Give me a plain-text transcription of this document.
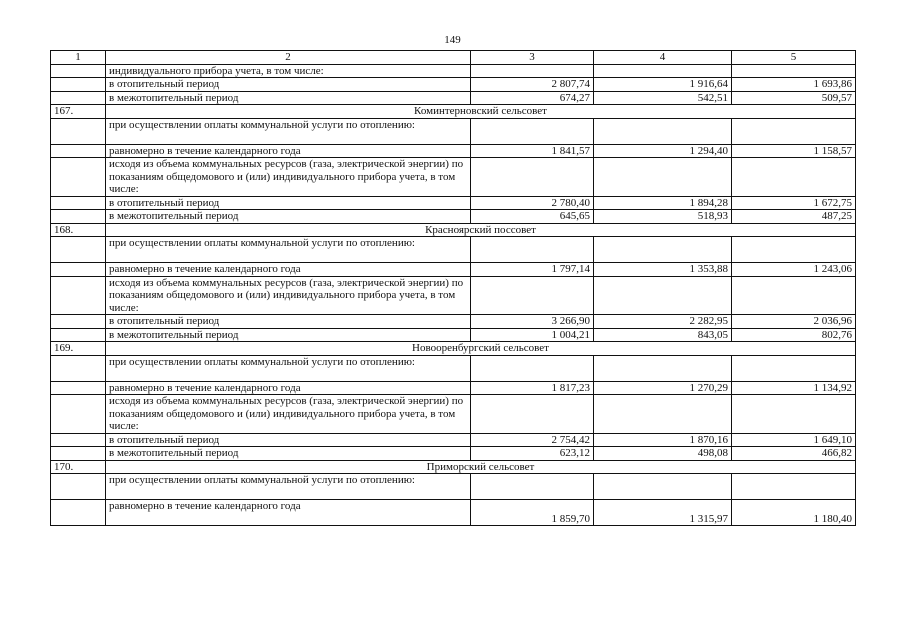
149
1	2	3	4	5
	индивидуального прибора учета, в том числе:			
	в отопительный период	2 807,74	1 916,64	1 693,86
	в межотопительный период	674,27	542,51	509,57
167.	Коминтерновский сельсовет			
	при осуществлении оплаты коммунальной услуги по отоплению:			
	равномерно в течение календарного года	1 841,57	1 294,40	1 158,57
	исходя из объема коммунальных ресурсов (газа, электрической энергии) по показаниям общедомового и (или) индивидуального прибора учета, в том числе:			
	в отопительный период	2 780,40	1 894,28	1 672,75
	в межотопительный период	645,65	518,93	487,25
168.	Красноярский поссовет			
	при осуществлении оплаты коммунальной услуги по отоплению:			
	равномерно в течение календарного года	1 797,14	1 353,88	1 243,06
	исходя из объема коммунальных ресурсов (газа, электрической энергии) по показаниям общедомового и (или) индивидуального прибора учета, в том числе:			
	в отопительный период	3 266,90	2 282,95	2 036,96
	в межотопительный период	1 004,21	843,05	802,76
169.	Новооренбургский сельсовет			
	при осуществлении оплаты коммунальной услуги по отоплению:			
	равномерно в течение календарного года	1 817,23	1 270,29	1 134,92
	исходя из объема коммунальных ресурсов (газа, электрической энергии) по показаниям общедомового и (или) индивидуального прибора учета, в том числе:			
	в отопительный период	2 754,42	1 870,16	1 649,10
	в межотопительный период	623,12	498,08	466,82
170.	Приморский сельсовет			
	при осуществлении оплаты коммунальной услуги по отоплению:			
	равномерно в течение календарного года	1 859,70	1 315,97	1 180,40
